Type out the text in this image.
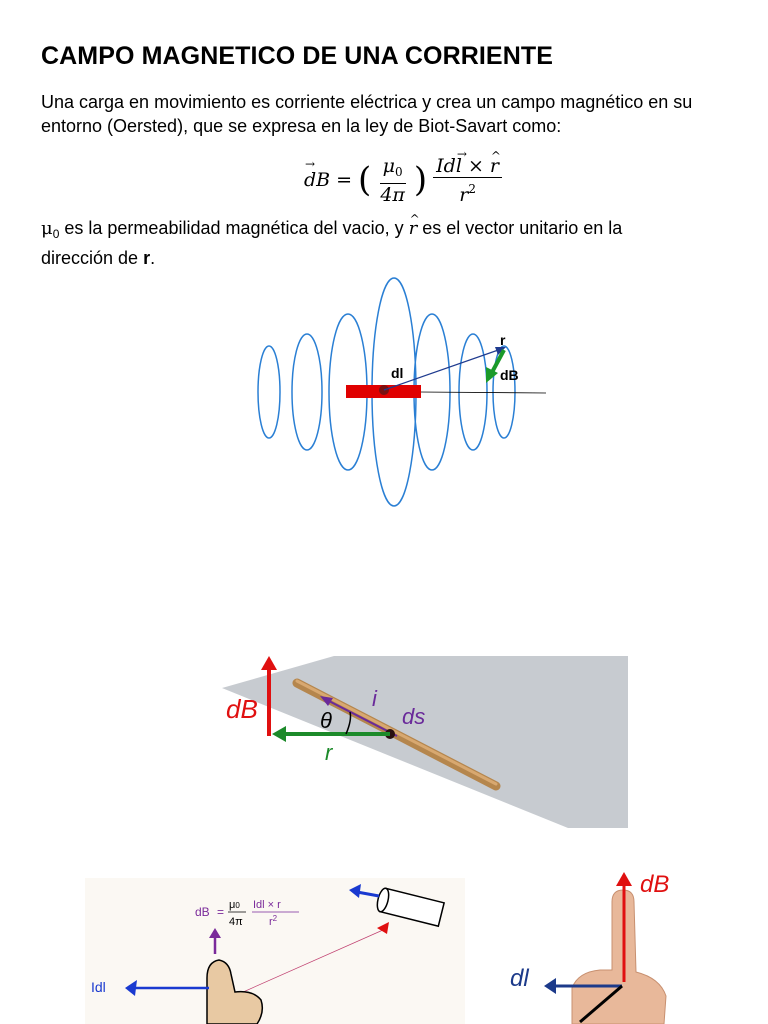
CAMPO MAGNETICO DE UNA CORRIENTE

Una carga en movimiento es corriente eléctrica y crea un campo magnético en su
entorno (Oersted), que se expresa en la ley de Biot-Savart como:

→ dB = ( $\frac{\mu_0}{4\pi}$ ) $\frac{Id\to l \times \^{} r}{r^2}$

$\mu_0$ es la permeabilidad magnética del vacio, y ^ r es el vector unitario en la
dirección de r.

dl
r
dB
dB	θ
i
ds
r
dB = μ0
4π
Idl × r
$r^2$
Idl
dB
dl
